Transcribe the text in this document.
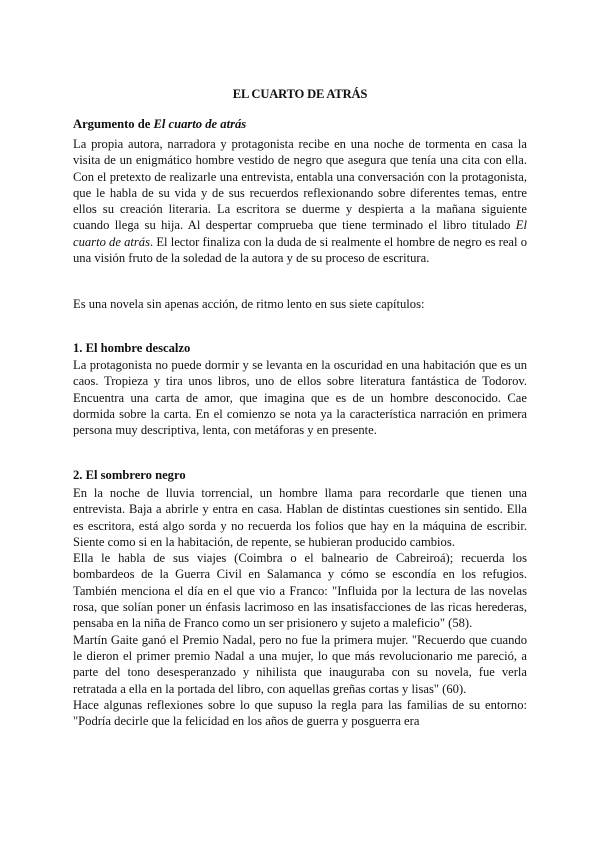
EL CUARTO DE ATRÁS
Argumento de El cuarto de atrás
La propia autora, narradora y protagonista recibe en una noche de tormenta en casa la visita de un enigmático hombre vestido de negro que asegura que tenía una cita con ella. Con el pretexto de realizarle una entrevista, entabla una conversación con la protagonista, que le habla de su vida y de sus recuerdos reflexionando sobre diferentes temas, entre ellos su creación literaria. La escritora se duerme y despierta a la mañana siguiente cuando llega su hija. Al despertar comprueba que tiene terminado el libro titulado El cuarto de atrás. El lector finaliza con la duda de si realmente el hombre de negro es real o una visión fruto de la soledad de la autora y de su proceso de escritura.
Es una novela sin apenas acción, de ritmo lento en sus siete capítulos:
1. El hombre descalzo
La protagonista no puede dormir y se levanta en la oscuridad en una habitación que es un caos. Tropieza y tira unos libros, uno de ellos sobre literatura fantástica de Todorov. Encuentra una carta de amor, que imagina que es de un hombre desconocido. Cae dormida sobre la carta. En el comienzo se nota ya la característica narración en primera persona muy descriptiva, lenta, con metáforas y en presente.
2. El sombrero negro

En la noche de lluvia torrencial, un hombre llama para recordarle que tienen una entrevista. Baja a abrirle y entra en casa. Hablan de distintas cuestiones sin sentido. Ella es escritora, está algo sorda y no recuerda los folios que hay en la máquina de escribir. Siente como si en la habitación, de repente, se hubieran producido cambios.

Ella le habla de sus viajes (Coimbra o el balneario de Cabreiroá); recuerda los bombardeos de la Guerra Civil en Salamanca y cómo se escondía en los refugios. También menciona el día en el que vio a Franco: "Influida por la lectura de las novelas rosa, que solían poner un énfasis lacrimoso en las insatisfacciones de las ricas herederas, pensaba en la niña de Franco como un ser prisionero y sujeto a maleficio" (58).

Martín Gaite ganó el Premio Nadal, pero no fue la primera mujer. "Recuerdo que cuando le dieron el primer premio Nadal a una mujer, lo que más revolucionario me pareció, a parte del tono desesperanzado y nihilista que inauguraba con su novela, fue verla retratada a ella en la portada del libro, con aquellas greñas cortas y lisas" (60).

Hace algunas reflexiones sobre lo que supuso la regla para las familias de su entorno: "Podría decirle que la felicidad en los años de guerra y posguerra era
